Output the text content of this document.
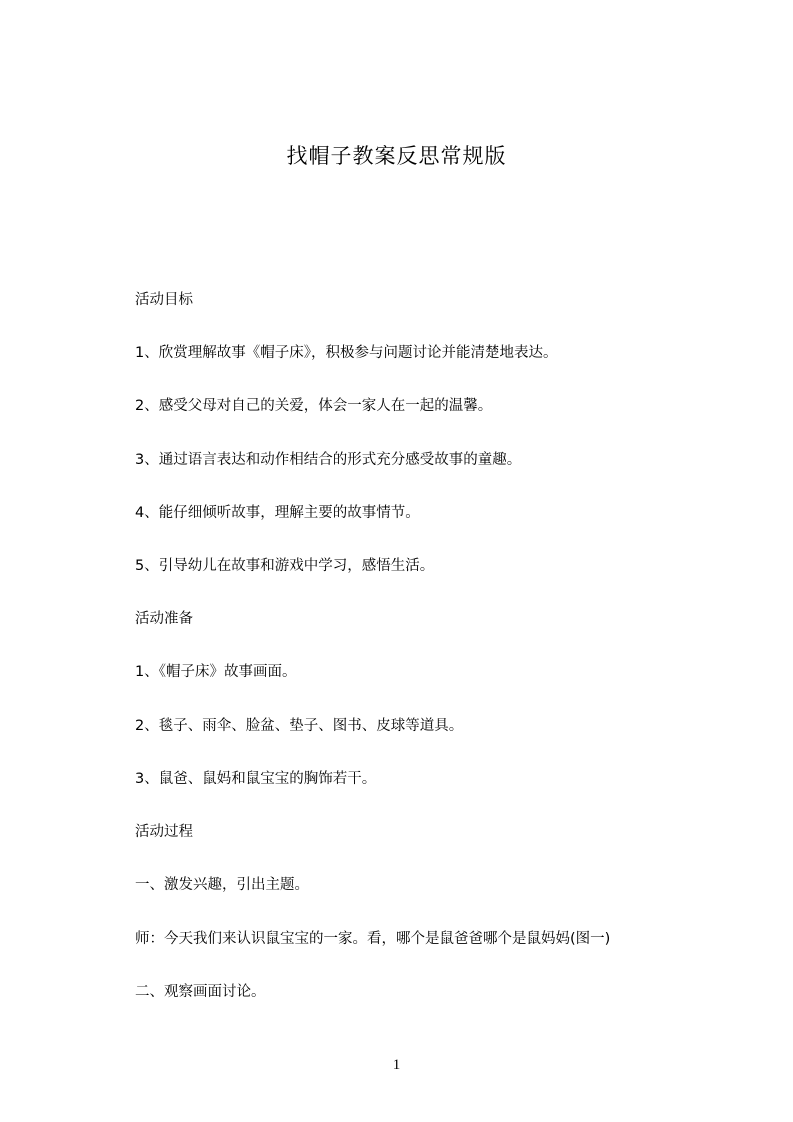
找帽子教案反思常规版
活动目标
1、欣赏理解故事《帽子床》，积极参与问题讨论并能清楚地表达。
2、感受父母对自己的关爱，体会一家人在一起的温馨。
3、通过语言表达和动作相结合的形式充分感受故事的童趣。
4、能仔细倾听故事，理解主要的故事情节。
5、引导幼儿在故事和游戏中学习，感悟生活。
活动准备
1、《帽子床》故事画面。
2、毯子、雨伞、脸盆、垫子、图书、皮球等道具。
3、鼠爸、鼠妈和鼠宝宝的胸饰若干。
活动过程
一、激发兴趣，引出主题。
师：今天我们来认识鼠宝宝的一家。看，哪个是鼠爸爸哪个是鼠妈妈(图一)
二、观察画面讨论。
1
